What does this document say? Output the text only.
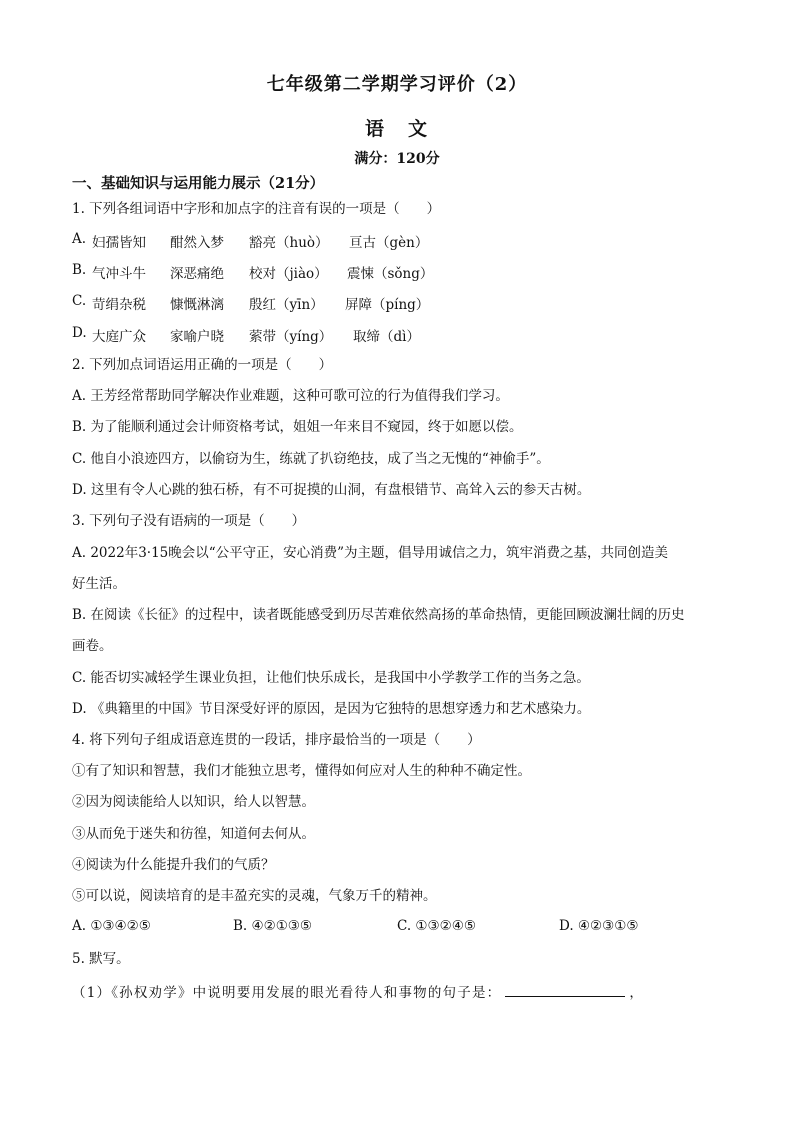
七年级第二学期学习评价（2）
语 文
满分：120分
一、基础知识与运用能力展示（21分）
1. 下列各组词语中字形和加点字的注音有误的一项是（　　）
A. 妇孺皆知 酣然入梦 豁亮（huò） 亘古（gèn）
B. 气冲斗牛 深恶痛绝 校对（jiào） 震悚（sǒng）
C. 苛绢杂税 慷慨淋漓 殷红（yīn） 屏障（píng）
D. 大庭广众 家喻户晓 萦带（yíng） 取缔（dì）
2. 下列加点词语运用正确的一项是（　　）
A. 王芳经常帮助同学解决作业难题，这种可歌可泣的行为值得我们学习。
B. 为了能顺利通过会计师资格考试，姐姐一年来目不窥园，终于如愿以偿。
C. 他自小浪迹四方，以偷窃为生，练就了扒窃绝技，成了当之无愧的“神偷手”。
D. 这里有令人心跳的独石桥，有不可捉摸的山洞，有盘根错节、高耸入云的参天古树。
3. 下列句子没有语病的一项是（　　）
A. 2022年3·15晚会以“公平守正，安心消费”为主题，倡导用诚信之力，筑牢消费之基，共同创造美
好生活。
B. 在阅读《长征》的过程中，读者既能感受到历尽苦难依然高扬的革命热情，更能回顾波澜壮阔的历史
画卷。
C. 能否切实减轻学生课业负担，让他们快乐成长，是我国中小学教学工作的当务之急。
D. 《典籍里的中国》节目深受好评的原因，是因为它独特的思想穿透力和艺术感染力。
4. 将下列句子组成语意连贯的一段话，排序最恰当的一项是（　　）
①有了知识和智慧，我们才能独立思考，懂得如何应对人生的种种不确定性。
②因为阅读能给人以知识，给人以智慧。
③从而免于迷失和彷徨，知道何去何从。
④阅读为什么能提升我们的气质？
⑤可以说，阅读培育的是丰盈充实的灵魂，气象万千的精神。
A. ①③④②⑤	B. ④②①③⑤	C. ①③②④⑤	D. ④②③①⑤
5. 默写。
（1）《孙权劝学》中说明要用发展的眼光看待人和事物的句子是：	，
